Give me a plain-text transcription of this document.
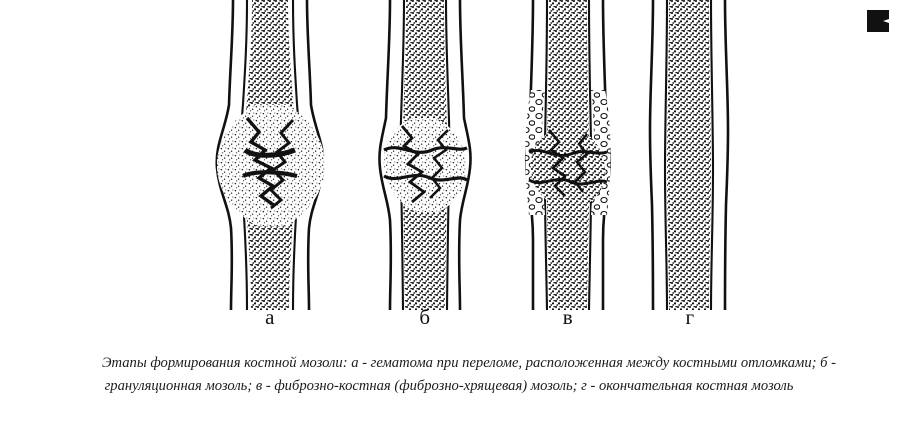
а	б	в	г
Этапы формирования костной мозоли: а - гематома при переломе, расположенная между костными отломками; б - грануляционная мозоль; в - фиброзно-костная (фиброзно-хрящевая) мозоль; г - окончательная костная мозоль
